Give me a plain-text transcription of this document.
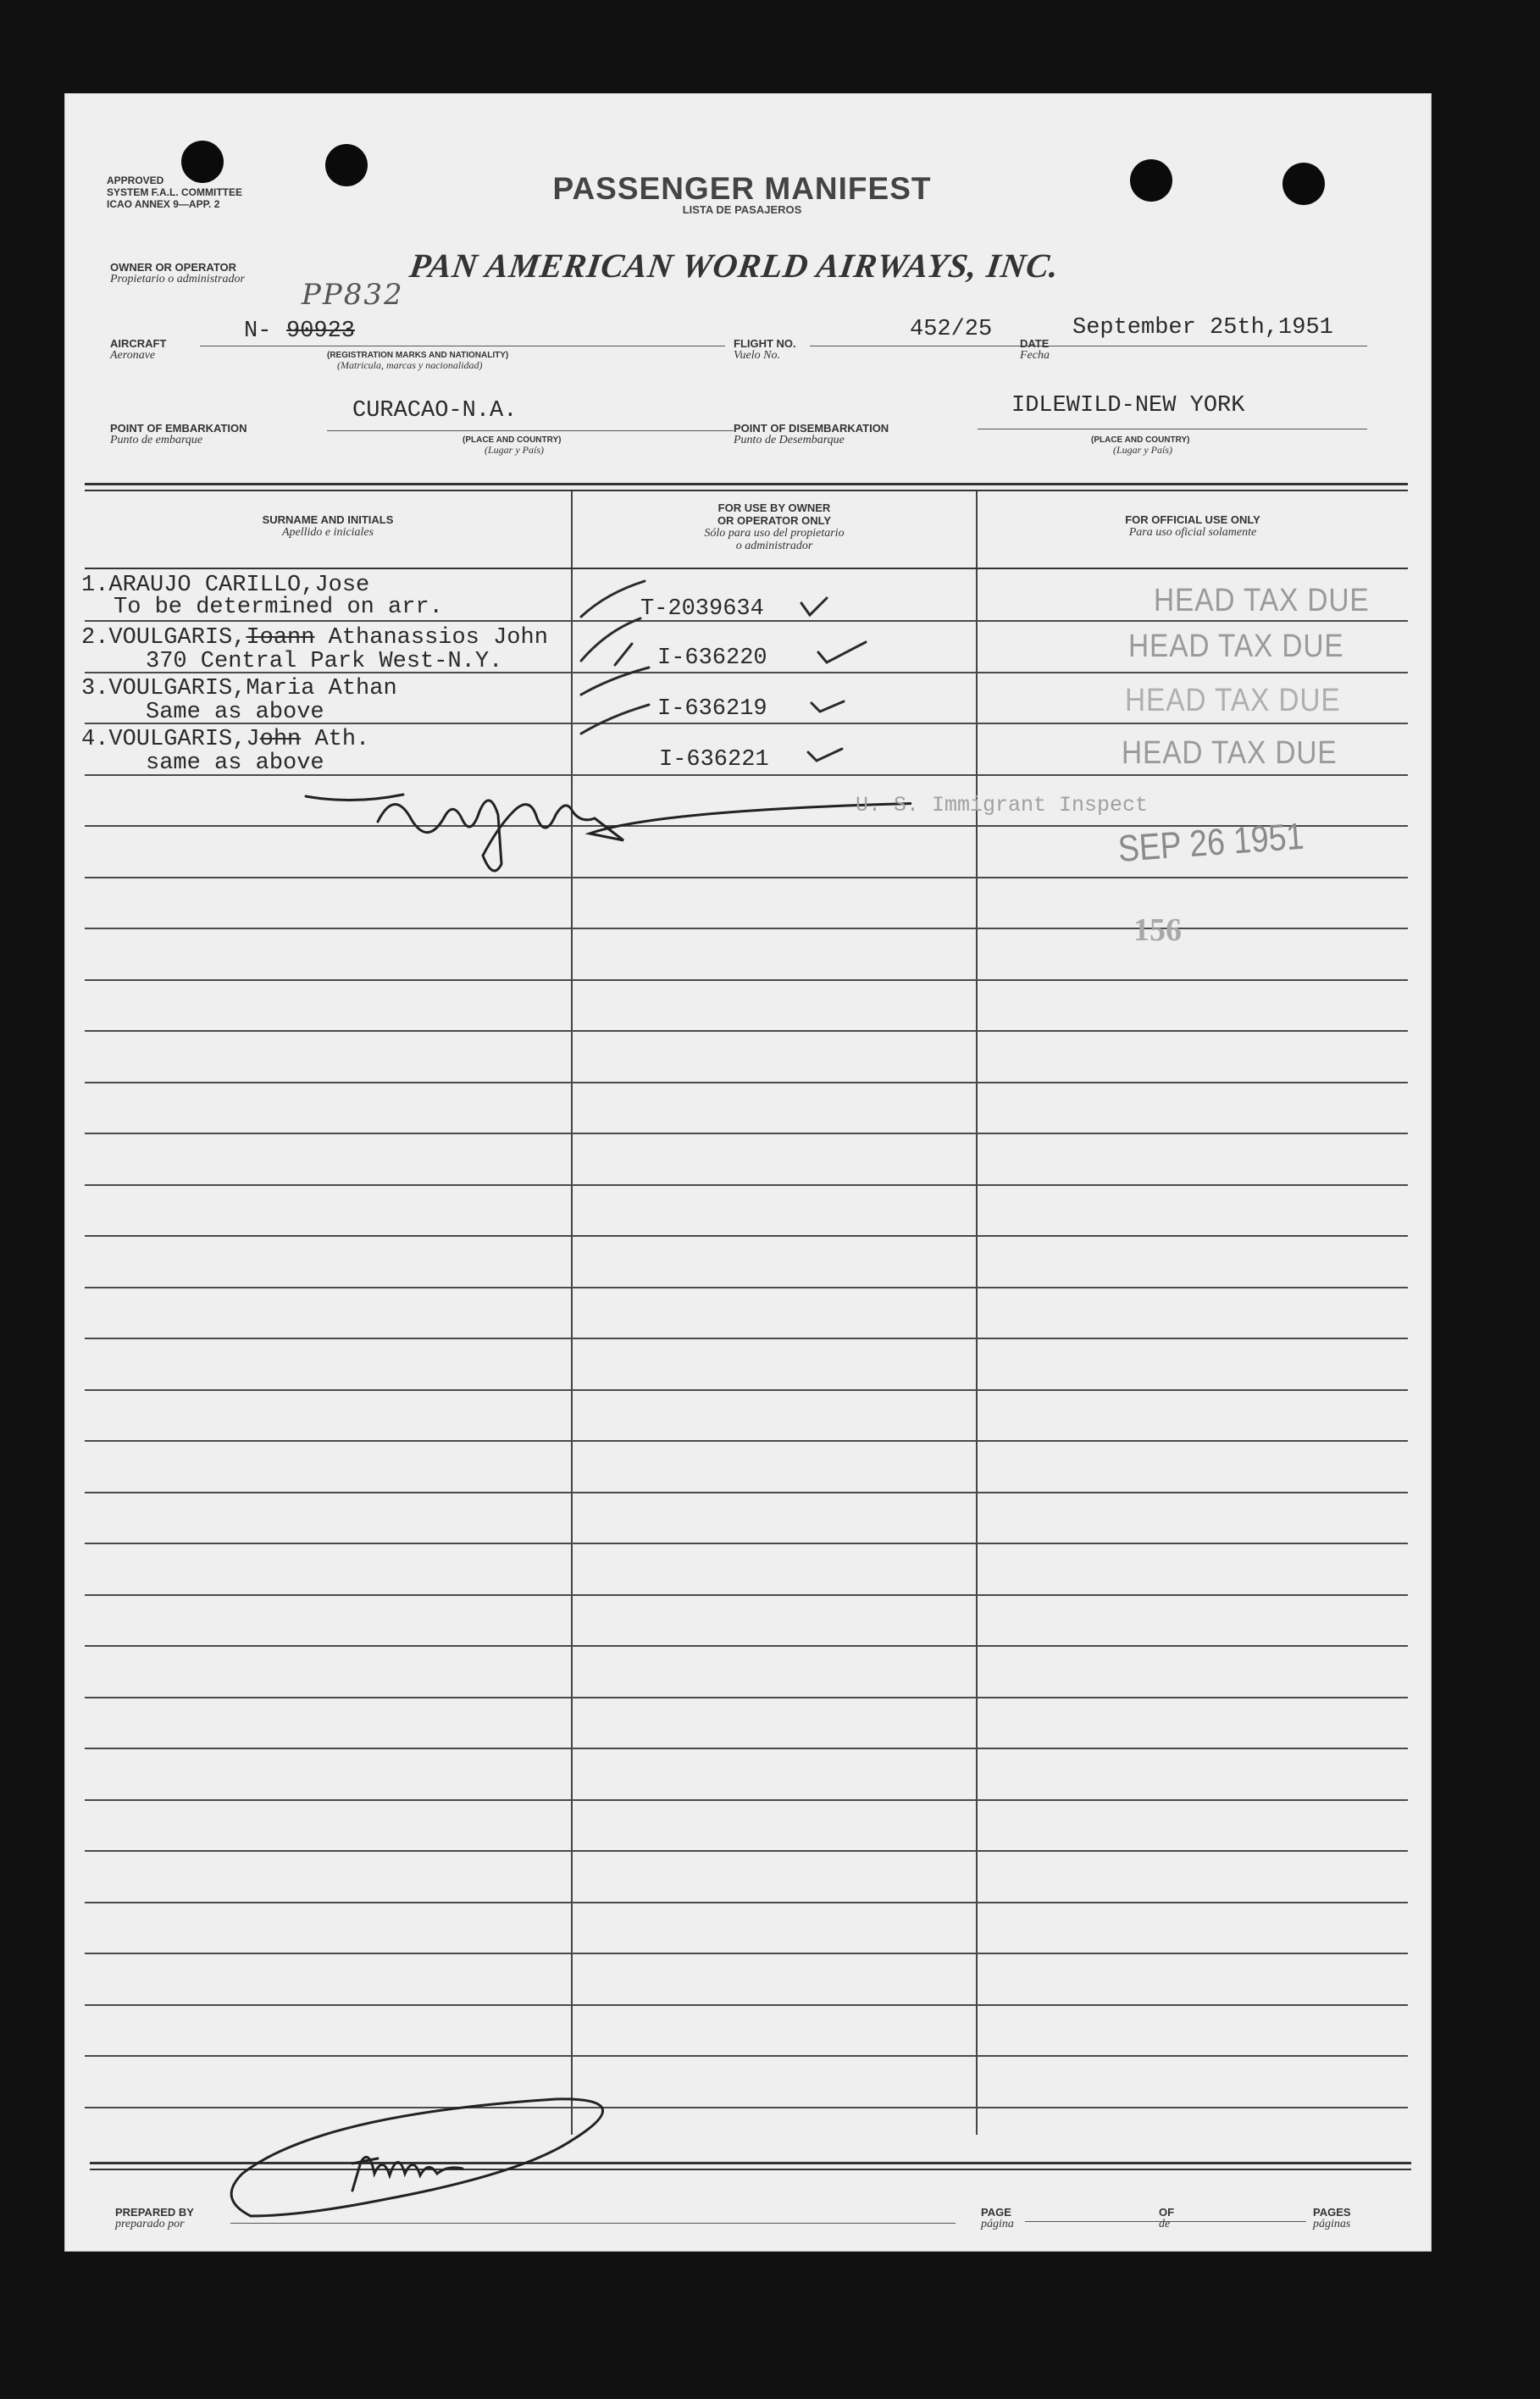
APPROVED
SYSTEM F.A.L. COMMITTEE
ICAO ANNEX 9—APP. 2	PASSENGER MANIFEST
LISTA DE PASAJEROS
OWNER OR OPERATOR
Propietario o administrador	PAN AMERICAN WORLD AIRWAYS, INC.
PP832
AIRCRAFT
Aeronave
N- 90923
(REGISTRATION MARKS AND NATIONALITY)
(Matricula, marcas y nacionalidad)
FLIGHT NO.
Vuelo No.
452/25
DATE
Fecha
September 25th,1951
POINT OF EMBARKATION
Punto de embarque
CURACAO-N.A.
(PLACE AND COUNTRY)
(Lugar y País)
POINT OF DISEMBARKATION
Punto de Desembarque
IDLEWILD-NEW YORK
(PLACE AND COUNTRY)
(Lugar y País)
SURNAME AND INITIALS
Apellido e iniciales
FOR USE BY OWNER
OR OPERATOR ONLY
Sólo para uso del propietario
o administrador
FOR OFFICIAL USE ONLY
Para uso oficial solamente
1.ARAUJO CARILLO,Jose
To be determined on arr.
2.VOULGARIS,Ioann Athanassios John
370 Central Park West-N.Y.
3.VOULGARIS,Maria Athan
Same as above
4.VOULGARIS,John Ath.
same as above
T-2039634
I-636220
I-636219
I-636221
HEAD TAX DUE
HEAD TAX DUE
HEAD TAX DUE
HEAD TAX DUE
U. S. Immigrant Inspect
SEP 26 1951
156
PREPARED BY
preparado por
PAGE
página
OF
de
PAGES
páginas
